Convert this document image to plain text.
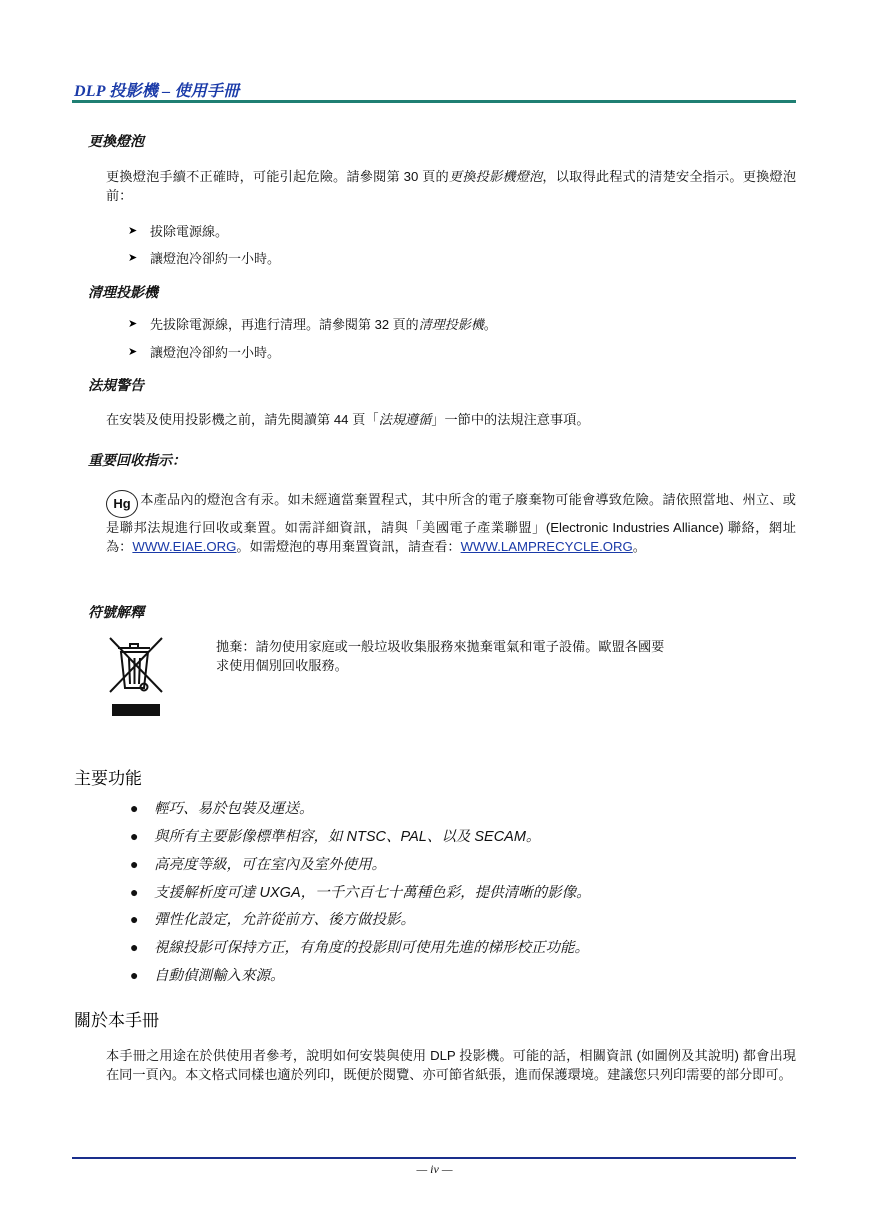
DLP 投影機 – 使用手冊
更換燈泡
更換燈泡手續不正確時，可能引起危險。請參閱第 30 頁的更換投影機燈泡，以取得此程式的清楚安全指示。更換燈泡前：
➤ 拔除電源線。
➤ 讓燈泡冷卻約一小時。
清理投影機
➤ 先拔除電源線，再進行清理。請參閱第 32 頁的清理投影機。
➤ 讓燈泡冷卻約一小時。
法規警告
在安裝及使用投影機之前，請先閱讀第 44 頁「法規遵循」一節中的法規注意事項。
重要回收指示：
Hg 本產品內的燈泡含有汞。如未經適當棄置程式，其中所含的電子廢棄物可能會導致危險。請依照當地、州立、或是聯邦法規進行回收或棄置。如需詳細資訊，請與「美國電子產業聯盟」(Electronic Industries Alliance) 聯絡，網址為：WWW.EIAE.ORG。如需燈泡的專用棄置資訊，請查看：WWW.LAMPRECYCLE.ORG。
符號解釋
拋棄：請勿使用家庭或一般垃圾收集服務來拋棄電氣和電子設備。歐盟各國要
求使用個別回收服務。
主要功能
●	輕巧、易於包裝及運送。
●	與所有主要影像標準相容，如 NTSC、PAL、以及 SECAM。
●	高亮度等級，可在室內及室外使用。
●	支援解析度可達 UXGA，一千六百七十萬種色彩，提供清晰的影像。
●	彈性化設定，允許從前方、後方做投影。
●	視線投影可保持方正，有角度的投影則可使用先進的梯形校正功能。
●	自動偵測輸入來源。
關於本手冊
本手冊之用途在於供使用者參考，說明如何安裝與使用 DLP 投影機。可能的話，相關資訊 (如圖例及其說明) 都會出現在同一頁內。本文格式同樣也適於列印，既便於閱覽、亦可節省紙張，進而保護環境。建議您只列印需要的部分即可。
— iv —
